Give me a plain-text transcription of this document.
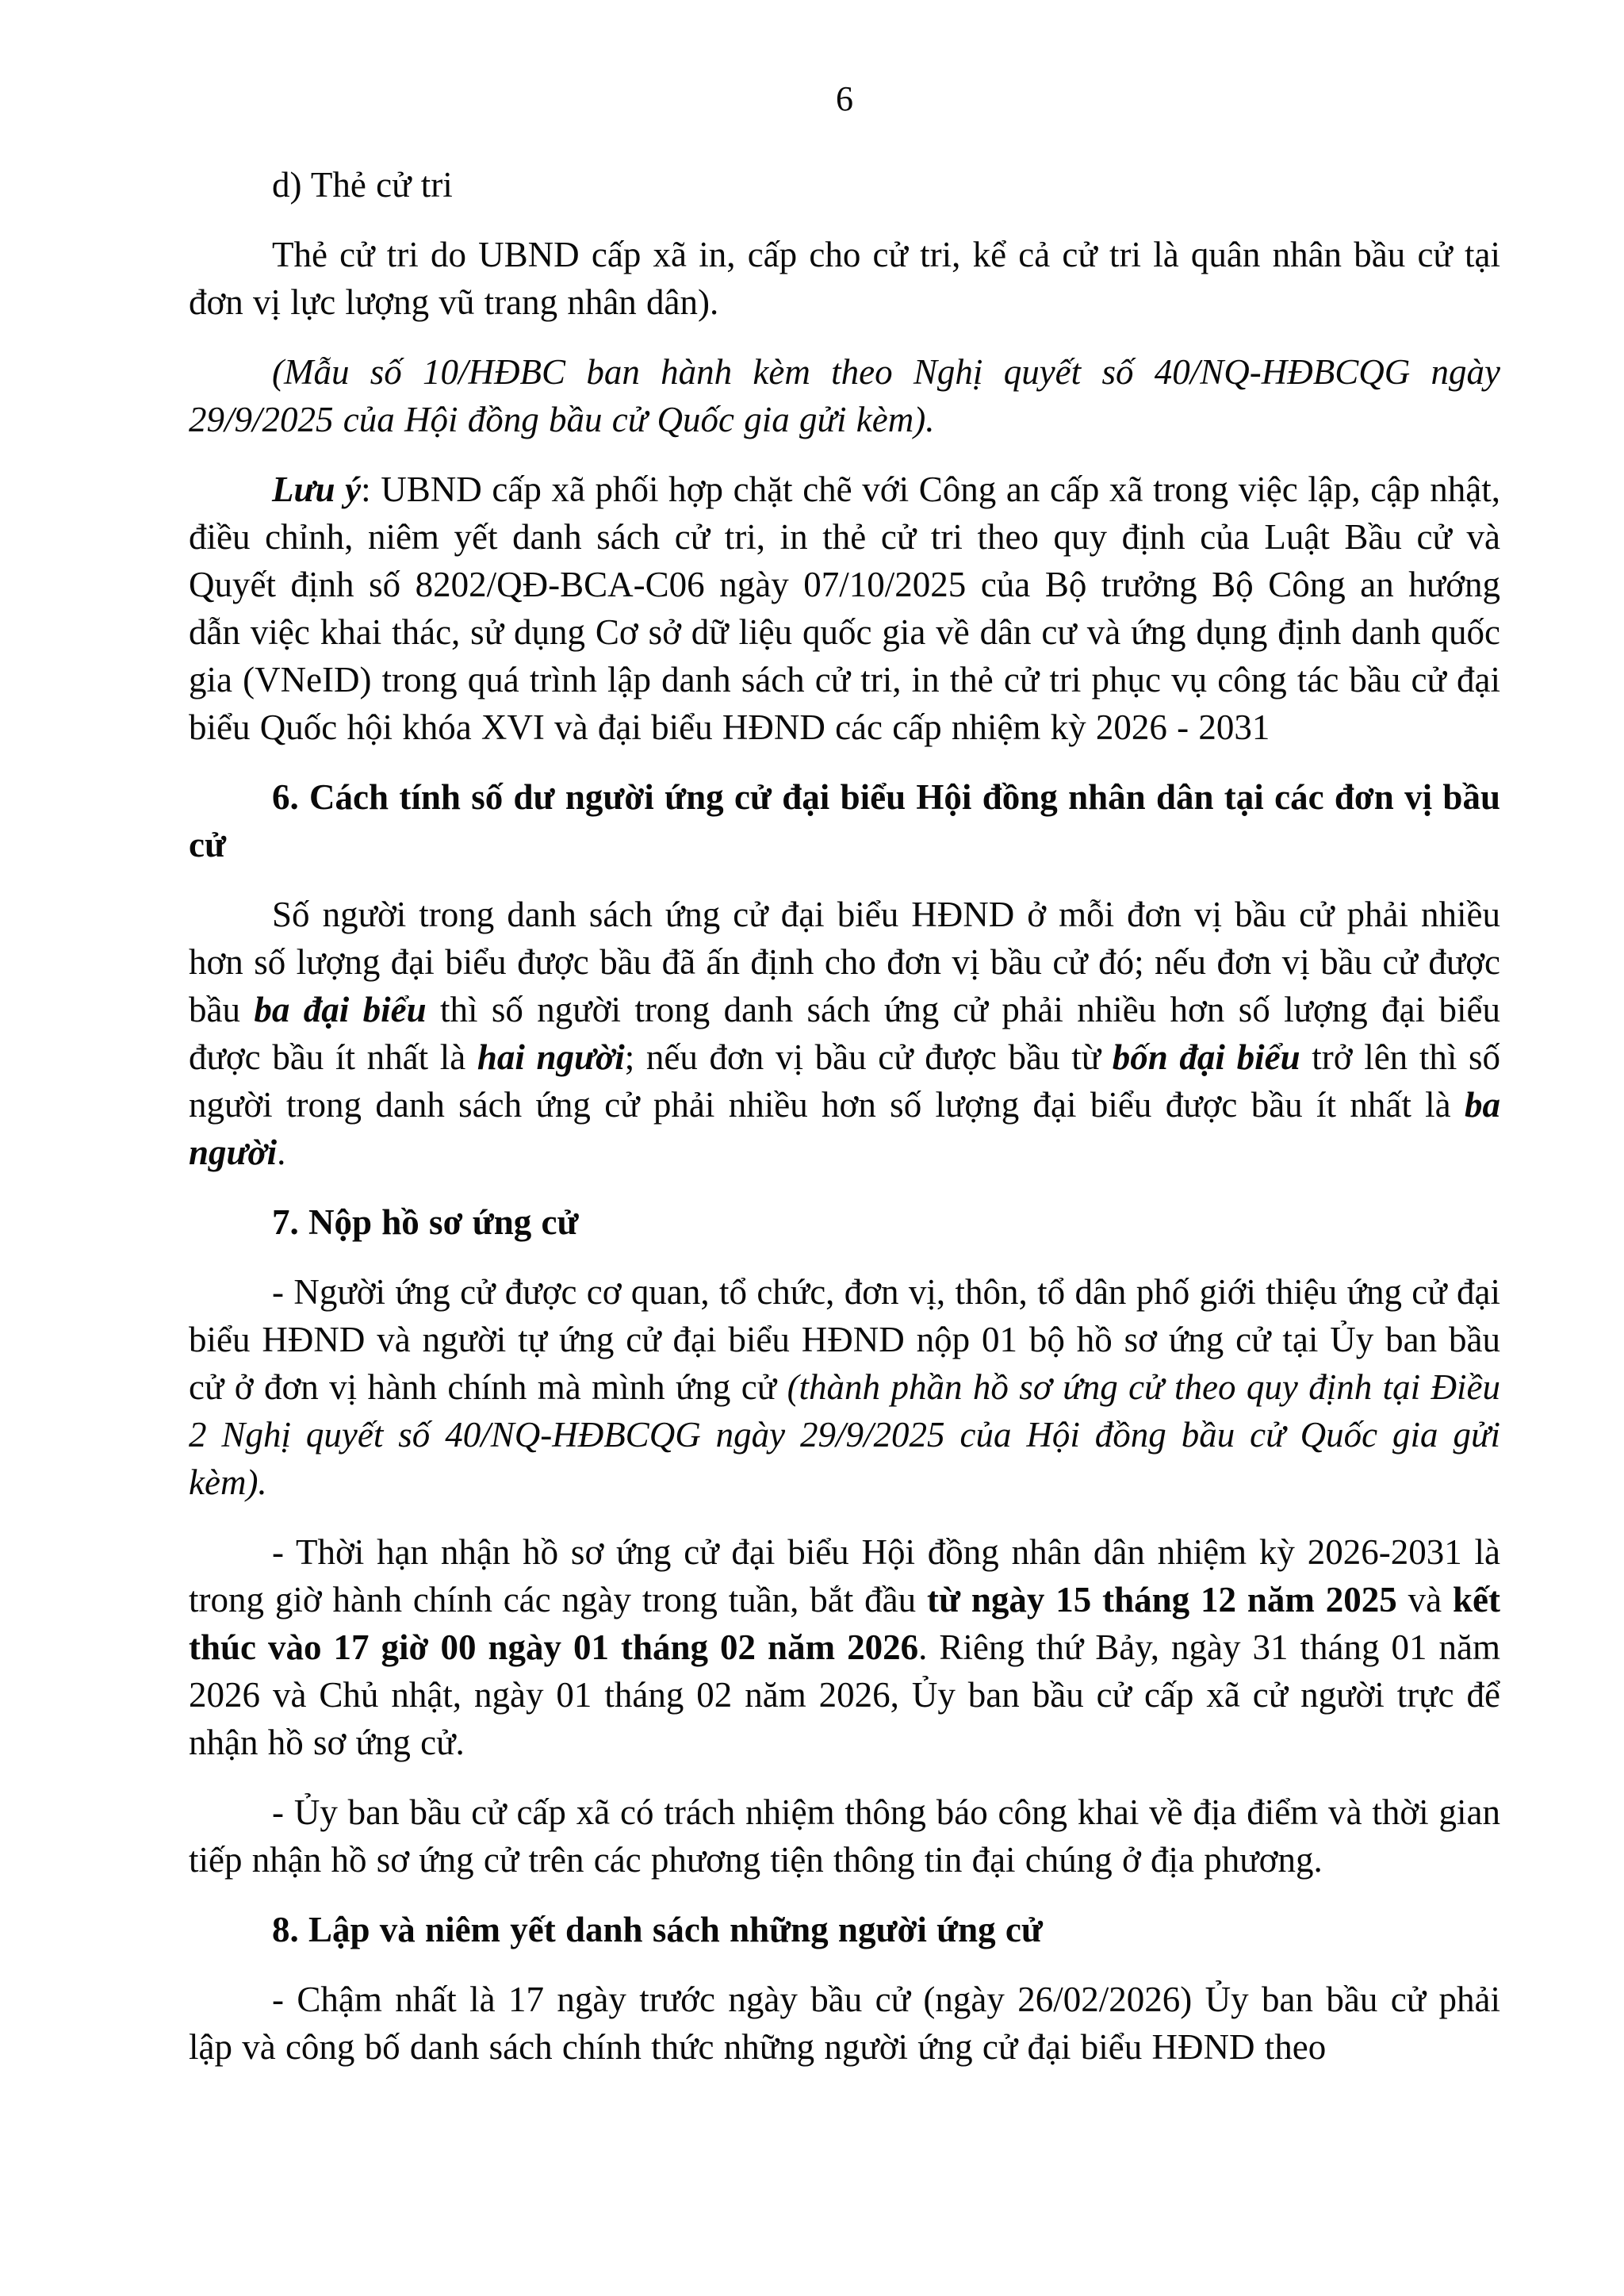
6

d) Thẻ cử tri

Thẻ cử tri do UBND cấp xã in, cấp cho cử tri, kể cả cử tri là quân nhân bầu cử tại đơn vị lực lượng vũ trang nhân dân).

(Mẫu số 10/HĐBC ban hành kèm theo Nghị quyết số 40/NQ-HĐBCQG ngày 29/9/2025 của Hội đồng bầu cử Quốc gia gửi kèm).

Lưu ý: UBND cấp xã phối hợp chặt chẽ với Công an cấp xã trong việc lập, cập nhật, điều chỉnh, niêm yết danh sách cử tri, in thẻ cử tri theo quy định của Luật Bầu cử và Quyết định số 8202/QĐ-BCA-C06 ngày 07/10/2025 của Bộ trưởng Bộ Công an hướng dẫn việc khai thác, sử dụng Cơ sở dữ liệu quốc gia về dân cư và ứng dụng định danh quốc gia (VNeID) trong quá trình lập danh sách cử tri, in thẻ cử tri phục vụ công tác bầu cử đại biểu Quốc hội khóa XVI và đại biểu HĐND các cấp nhiệm kỳ 2026 - 2031

6. Cách tính số dư người ứng cử đại biểu Hội đồng nhân dân tại các đơn vị bầu cử

Số người trong danh sách ứng cử đại biểu HĐND ở mỗi đơn vị bầu cử phải nhiều hơn số lượng đại biểu được bầu đã ấn định cho đơn vị bầu cử đó; nếu đơn vị bầu cử được bầu ba đại biểu thì số người trong danh sách ứng cử phải nhiều hơn số lượng đại biểu được bầu ít nhất là hai người; nếu đơn vị bầu cử được bầu từ bốn đại biểu trở lên thì số người trong danh sách ứng cử phải nhiều hơn số lượng đại biểu được bầu ít nhất là ba người.

7. Nộp hồ sơ ứng cử

- Người ứng cử được cơ quan, tổ chức, đơn vị, thôn, tổ dân phố giới thiệu ứng cử đại biểu HĐND và người tự ứng cử đại biểu HĐND nộp 01 bộ hồ sơ ứng cử tại Ủy ban bầu cử ở đơn vị hành chính mà mình ứng cử (thành phần hồ sơ ứng cử theo quy định tại Điều 2 Nghị quyết số 40/NQ-HĐBCQG ngày 29/9/2025 của Hội đồng bầu cử Quốc gia gửi kèm).

- Thời hạn nhận hồ sơ ứng cử đại biểu Hội đồng nhân dân nhiệm kỳ 2026-2031 là trong giờ hành chính các ngày trong tuần, bắt đầu từ ngày 15 tháng 12 năm 2025 và kết thúc vào 17 giờ 00 ngày 01 tháng 02 năm 2026. Riêng thứ Bảy, ngày 31 tháng 01 năm 2026 và Chủ nhật, ngày 01 tháng 02 năm 2026, Ủy ban bầu cử cấp xã cử người trực để nhận hồ sơ ứng cử.

- Ủy ban bầu cử cấp xã có trách nhiệm thông báo công khai về địa điểm và thời gian tiếp nhận hồ sơ ứng cử trên các phương tiện thông tin đại chúng ở địa phương.

8. Lập và niêm yết danh sách những người ứng cử

- Chậm nhất là 17 ngày trước ngày bầu cử (ngày 26/02/2026) Ủy ban bầu cử phải lập và công bố danh sách chính thức những người ứng cử đại biểu HĐND theo
